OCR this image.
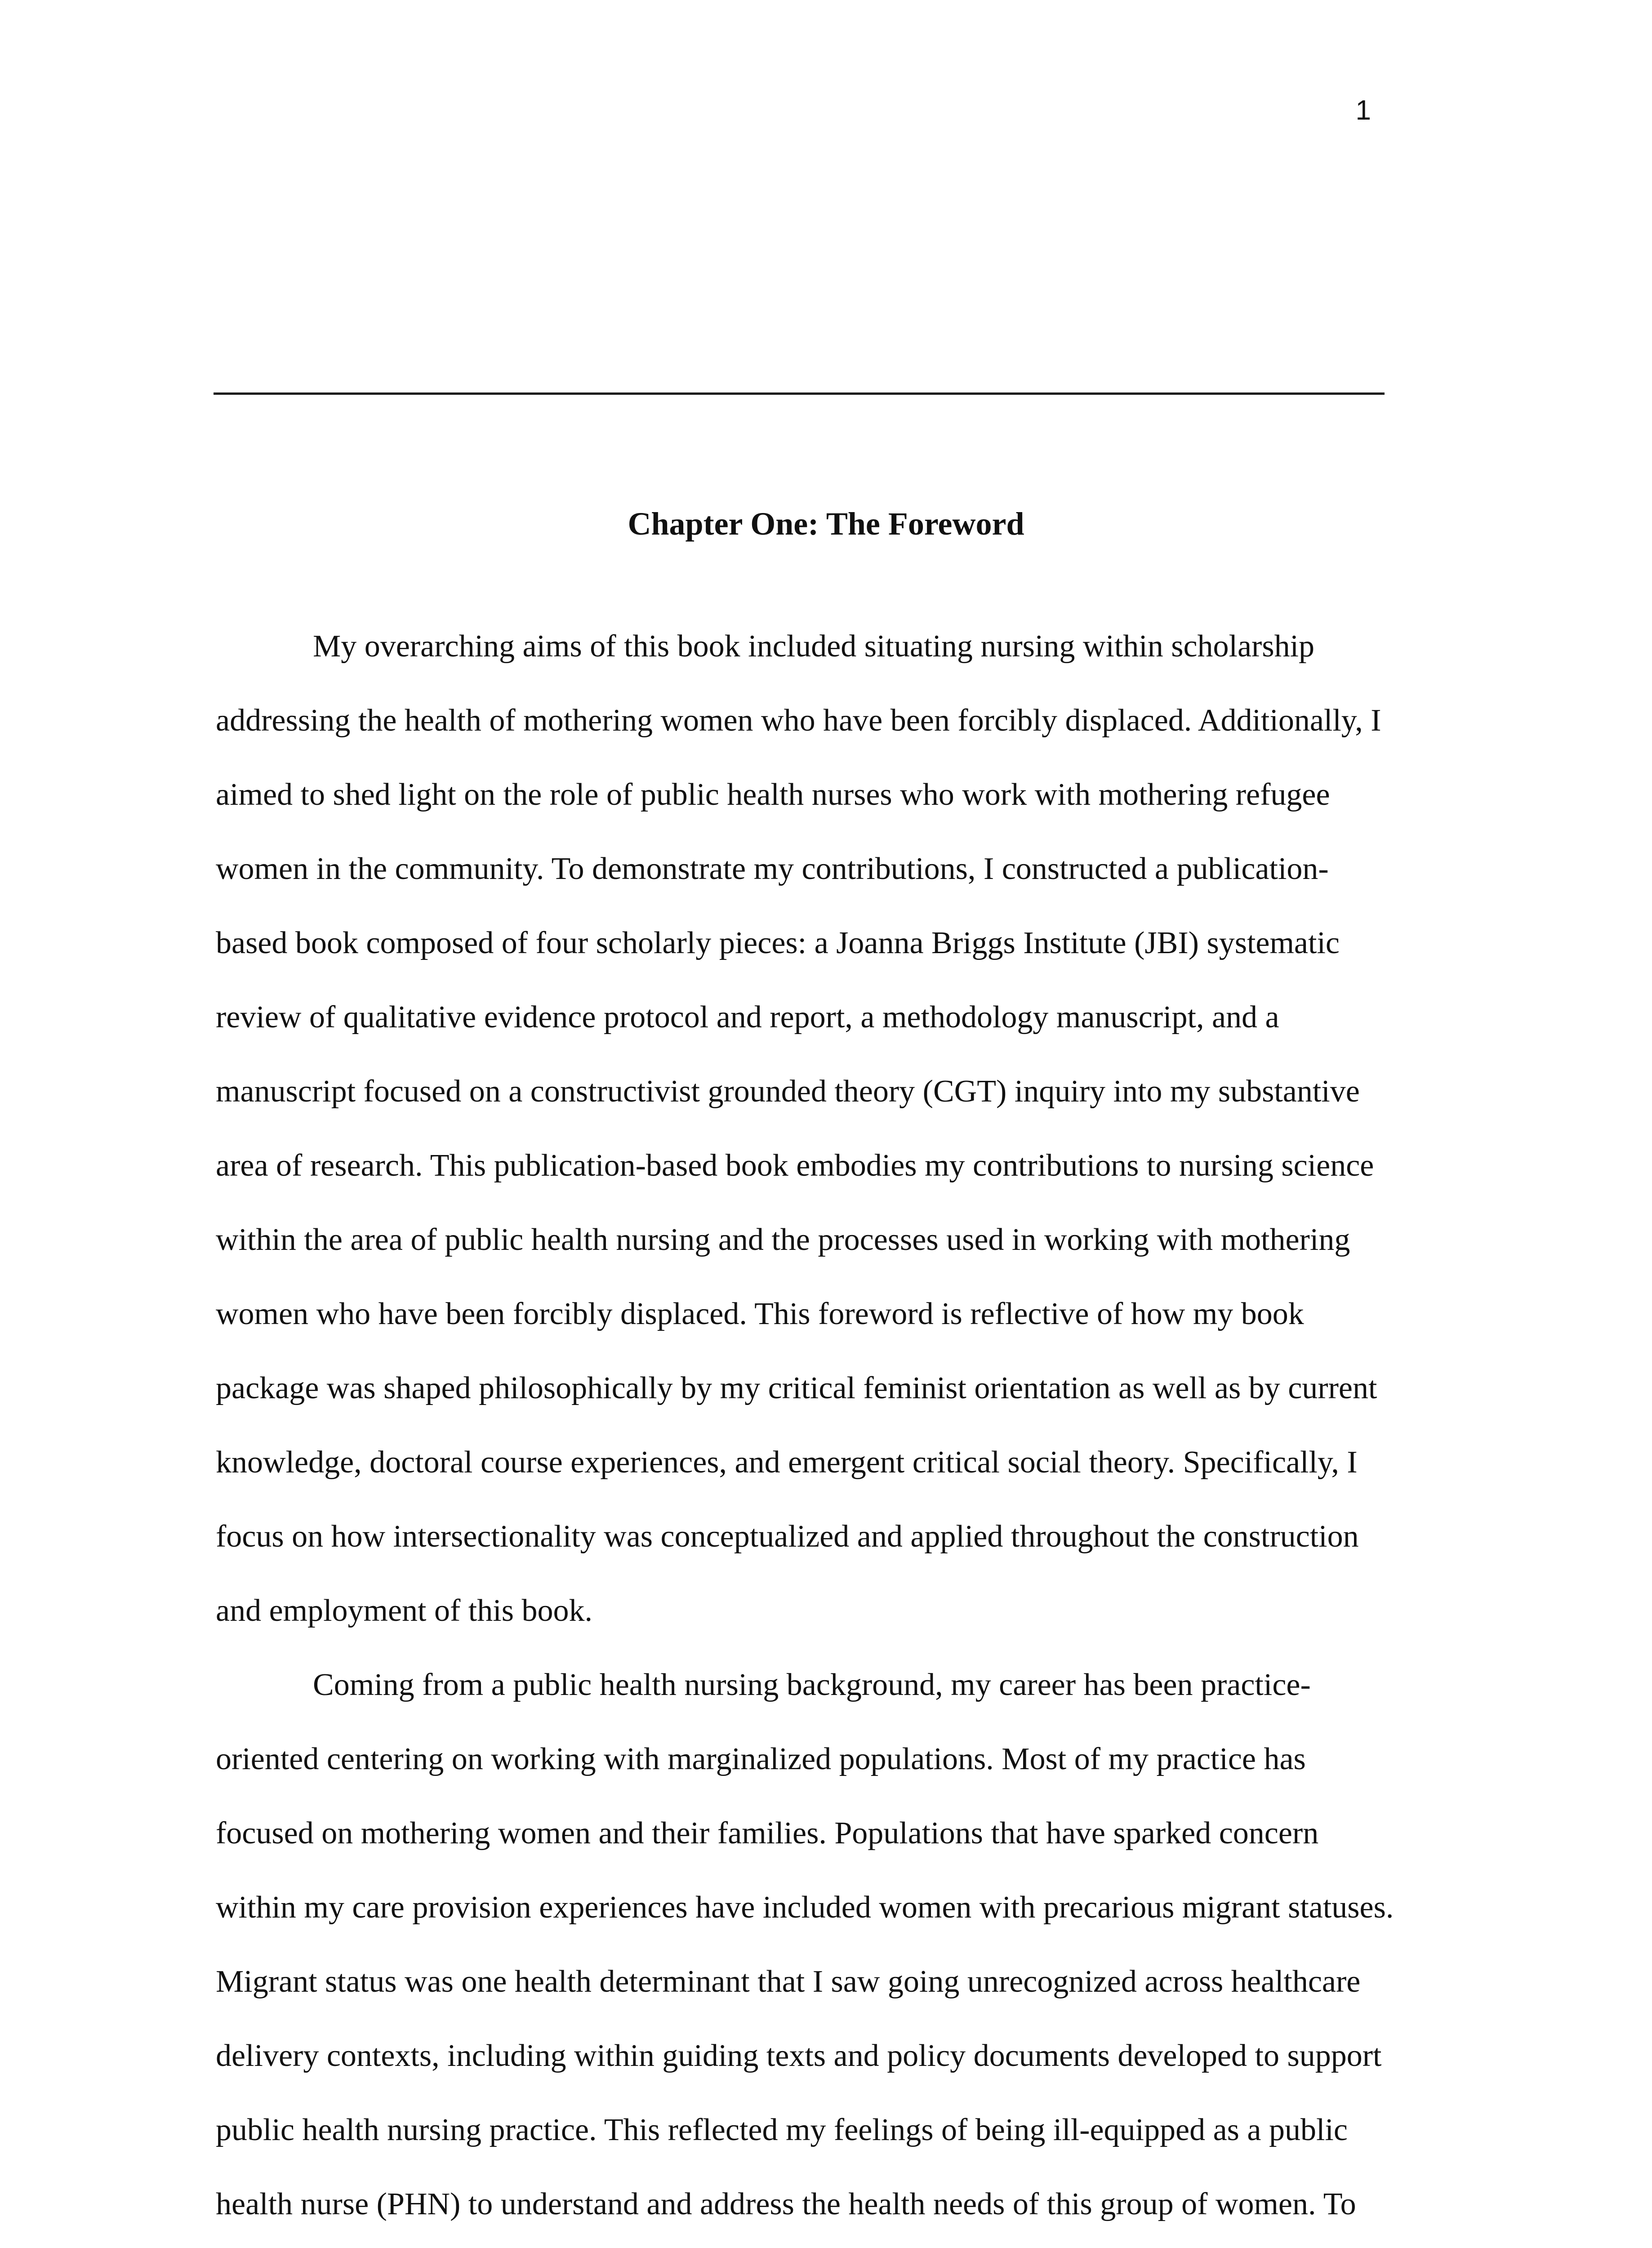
1
Chapter One: The Foreword
My overarching aims of this book included situating nursing within scholarship
addressing the health of mothering women who have been forcibly displaced. Additionally, I
aimed to shed light on the role of public health nurses who work with mothering refugee
women in the community. To demonstrate my contributions, I constructed a publication-
based book composed of four scholarly pieces: a Joanna Briggs Institute (JBI) systematic
review of qualitative evidence protocol and report, a methodology manuscript, and a
manuscript focused on a constructivist grounded theory (CGT) inquiry into my substantive
area of research. This publication-based book embodies my contributions to nursing science
within the area of public health nursing and the processes used in working with mothering
women who have been forcibly displaced. This foreword is reflective of how my book
package was shaped philosophically by my critical feminist orientation as well as by current
knowledge, doctoral course experiences, and emergent critical social theory. Specifically, I
focus on how intersectionality was conceptualized and applied throughout the construction
and employment of this book.
Coming from a public health nursing background, my career has been practice-
oriented centering on working with marginalized populations. Most of my practice has
focused on mothering women and their families. Populations that have sparked concern
within my care provision experiences have included women with precarious migrant statuses.
Migrant status was one health determinant that I saw going unrecognized across healthcare
delivery contexts, including within guiding texts and policy documents developed to support
public health nursing practice. This reflected my feelings of being ill-equipped as a public
health nurse (PHN) to understand and address the health needs of this group of women. To
